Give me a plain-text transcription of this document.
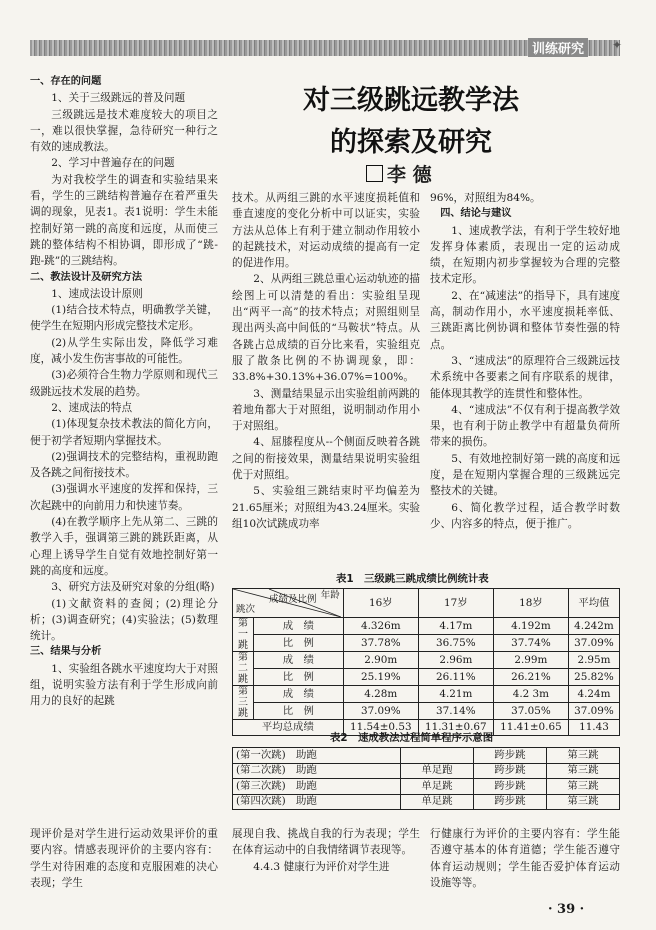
训练研究	✦
对三级跳远教学法
的探索及研究
李 德

一、存在的问题

1、关于三级跳远的普及问题

三级跳远是技术难度较大的项目之一，难以很快掌握，急待研究一种行之有效的速成教法。

2、学习中普遍存在的问题

为对我校学生的调查和实验结果来看，学生的三跳结构普遍存在着严重失调的现象，见表1。表1说明：学生未能控制好第一跳的高度和远度，从而使三跳的整体结构不相协调，即形成了“跳-跑-跳”的三跳结构。

二、教法设计及研究方法

1、速成法设计原则

(1)结合技术特点，明确教学关键，使学生在短期内形成完整技术定形。

(2)从学生实际出发，降低学习难度，减小发生伤害事故的可能性。

(3)必须符合生物力学原则和现代三级跳远技术发展的趋势。

2、速成法的特点

(1)体现复杂技术教法的简化方向，便于初学者短期内掌握技术。

(2)强调技术的完整结构，重视助跑及各跳之间衔接技术。

(3)强调水平速度的发挥和保持，三次起跳中的向前用力和快速节奏。

(4)在教学顺序上先从第二、三跳的教学入手，强调第三跳的跳跃距离，从心理上诱导学生自觉有效地控制好第一跳的高度和远度。

3、研究方法及研究对象的分组(略)

(1)文献资料的查阅；(2)理论分析；(3)调查研究；(4)实验法；(5)数理统计。

三、结果与分析

1、实验组各跳水平速度均大于对照组，说明实验方法有利于学生形成向前用力的良好的起跳

技术。从两组三跳的水平速度损耗值和垂直速度的变化分析中可以证实，实验方法从总体上有利于建立制动作用较小的起跳技术，对运动成绩的提高有一定的促进作用。

2、从两组三跳总重心运动轨迹的描绘图上可以清楚的看出：实验组呈现出“两平一高”的技术特点；对照组则呈现出两头高中间低的“马鞍状”特点。从各跳占总成绩的百分比来看，实验组克服了散条比例的不协调现象，即：33.8%+30.13%+36.07%=100%。

3、测量结果显示出实验组前两跳的着地角都大于对照组，说明制动作用小于对照组。

4、屈膝程度从--个侧面反映着各跳之间的衔接效果，测量结果说明实验组优于对照组。

5、实验组三跳结束时平均偏差为21.65厘米；对照组为43.24厘米。实验组10次试跳成功率

96%，对照组为84%。

四、结论与建议

1、速成教学法，有利于学生较好地发挥身体素质，表现出一定的运动成绩，在短期内初步掌握较为合理的完整技术定形。

2、在“减速法”的指导下，具有速度高，制动作用小，水平速度损耗率低、三跳距离比例协调和整体节奏性强的特点。

3、“速成法”的原理符合三级跳远技术系统中各要素之间有序联系的规律，能体现其教学的连贯性和整体性。

4、“速成法”不仅有利于提高教学效果，也有利于防止教学中有超量负荷所带来的损伤。

5、有效地控制好第一跳的高度和远度，是在短期内掌握合理的三级跳远完整技术的关键。

6、简化教学过程，适合教学时数少、内容多的特点，便于推广。

表1　三级跳三跳成绩比例统计表
年龄
跳次
成绩及比例		16岁	17岁	18岁	平均值
第一跳	成　绩	4.326m	4.17m	4.192m	4.242m
	比　例	37.78%	36.75%	37.74%	37.09%
第二跳	成　绩	2.90m	2.96m	2.99m	2.95m
	比　例	25.19%	26.11%	26.21%	25.82%
第三跳	成　绩	4.28m	4.21m	4.2 3m	4.24m
	比　例	37.09%	37.14%	37.05%	37.09%
平均总成绩		11.54±0.53	11.31±0.67	11.41±0.65	11.43
表2　速成教法过程简单程序示意图
(第一次跳)　助跑		跨步跳	第三跳
(第二次跳)　助跑	单足跑	跨步跳	第三跳
(第三次跳)　助跑	单足跳	跨步跳	第三跳
(第四次跳)　助跑	单足跳	跨步跳	第三跳

现评价是对学生进行运动效果评价的重要内容。情感表现评价的主要内容有：学生对待困难的态度和克服困难的决心表现；学生

展现自我、挑战自我的行为表现；学生在体育运动中的自我情绪调节表现等。

4.4.3 健康行为评价对学生进

行健康行为评价的主要内容有：学生能否遵守基本的体育道德；学生能否遵守体育运动规则；学生能否爱护体育运动设施等等。

· 39 ·
